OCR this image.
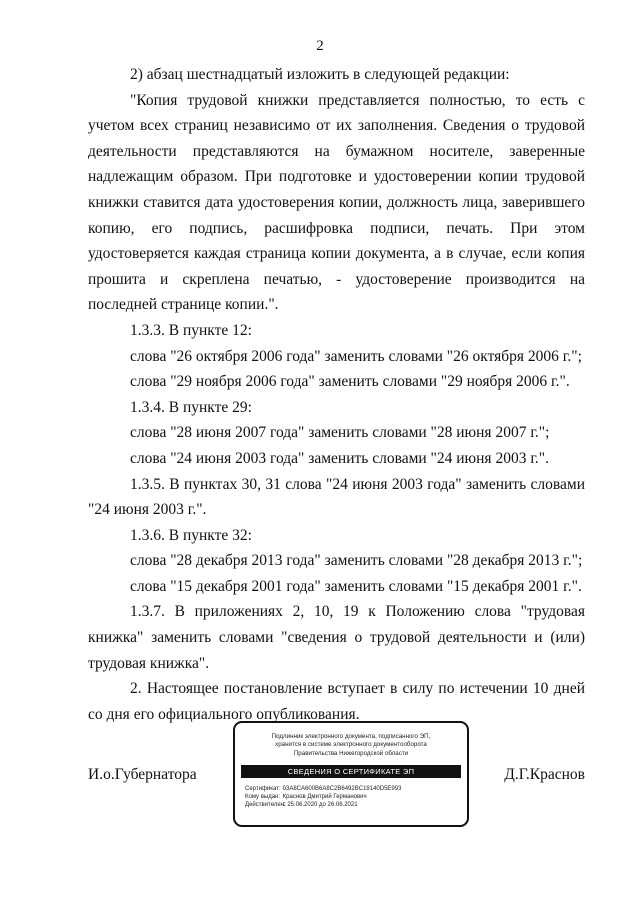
2

2) абзац шестнадцатый изложить в следующей редакции:

"Копия трудовой книжки представляется полностью, то есть с учетом всех страниц независимо от их заполнения. Сведения о трудовой деятельности представляются на бумажном носителе, заверенные надлежащим образом. При подготовке и удостоверении копии трудовой книжки ставится дата удостоверения копии, должность лица, заверившего копию, его подпись, расшифровка подписи, печать. При этом удостоверяется каждая страница копии документа, а в случае, если копия прошита и скреплена печатью, - удостоверение производится на последней странице копии.".

1.3.3. В пункте 12:

слова "26 октября 2006 года" заменить словами "26 октября 2006 г.";

слова "29 ноября 2006 года" заменить словами "29 ноября 2006 г.".

1.3.4. В пункте 29:

слова "28 июня 2007 года" заменить словами "28 июня 2007 г.";

слова "24 июня 2003 года" заменить словами "24 июня 2003 г.".

1.3.5. В пунктах 30, 31 слова "24 июня 2003 года" заменить словами "24 июня 2003 г.".

1.3.6. В пункте 32:

слова "28 декабря 2013 года" заменить словами "28 декабря 2013 г.";

слова "15 декабря 2001 года" заменить словами "15 декабря 2001 г.".

1.3.7. В приложениях 2, 10, 19 к Положению слова "трудовая книжка" заменить словами "сведения о трудовой деятельности и (или) трудовая книжка".

2. Настоящее постановление вступает в силу по истечении 10 дней со дня его официального опубликования.

И.о.Губернатора	Д.Г.Краснов
Подлинник электронного документа, подписанного ЭП,
хранится в системе электронного документооборота
Правительства Нижегородской области
СВЕДЕНИЯ О СЕРТИФИКАТЕ ЭП
Сертификат: 03A8CA600B6A8C2B6492BC19140D5E993
Кому выдан: Краснов Дмитрий Германович
Действителен: с 25.06.2020 до 26.06.2021
